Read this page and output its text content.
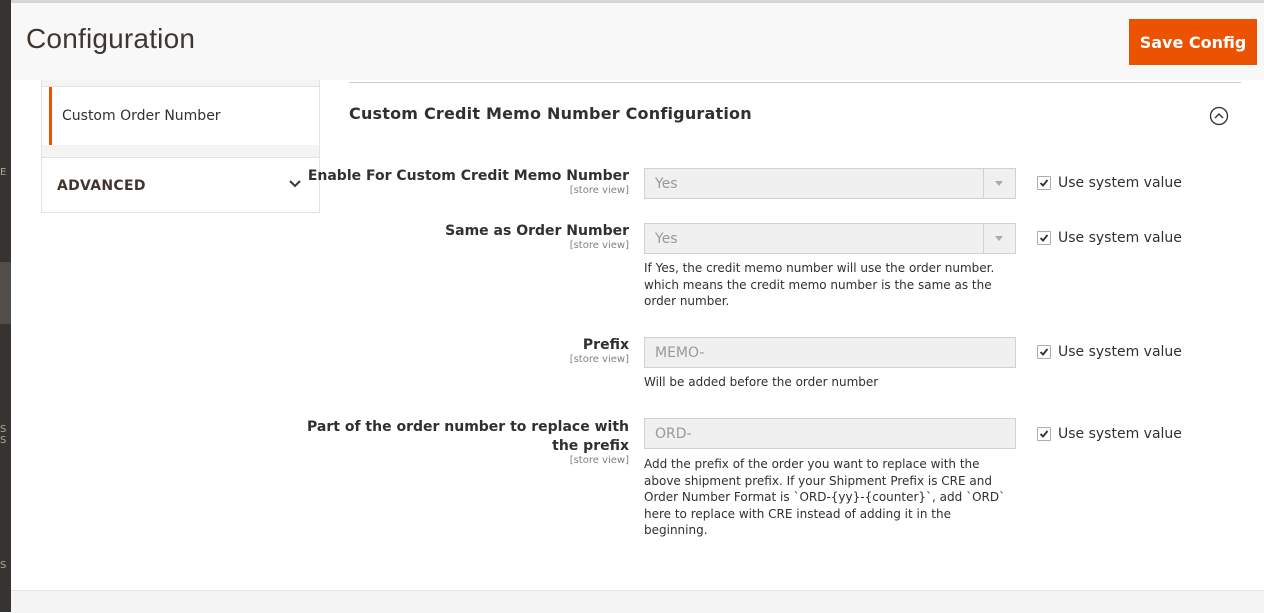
E
S
S
S
Configuration	Save Config
Custom Order Number
ADVANCED
Custom Credit Memo Number Configuration
Enable For Custom Credit Memo Number
[store view] Yes	Use system value
Same as Order Number
[store view] Yes
If Yes, the credit memo number will use the order number. which means the credit memo number is the same as the order number.
Use system value
Prefix
[store view]
MEMO-
Will be added before the order number
Use system value
Part of the order number to replace with
the prefix
[store view]
ORD- Add the prefix of the order you want to replace with the above shipment prefix. If your Shipment Prefix is CRE and Order Number Format is `ORD-{yy}-{counter}`, add `ORD` here to replace with CRE instead of adding it in the beginning.
Use system value
